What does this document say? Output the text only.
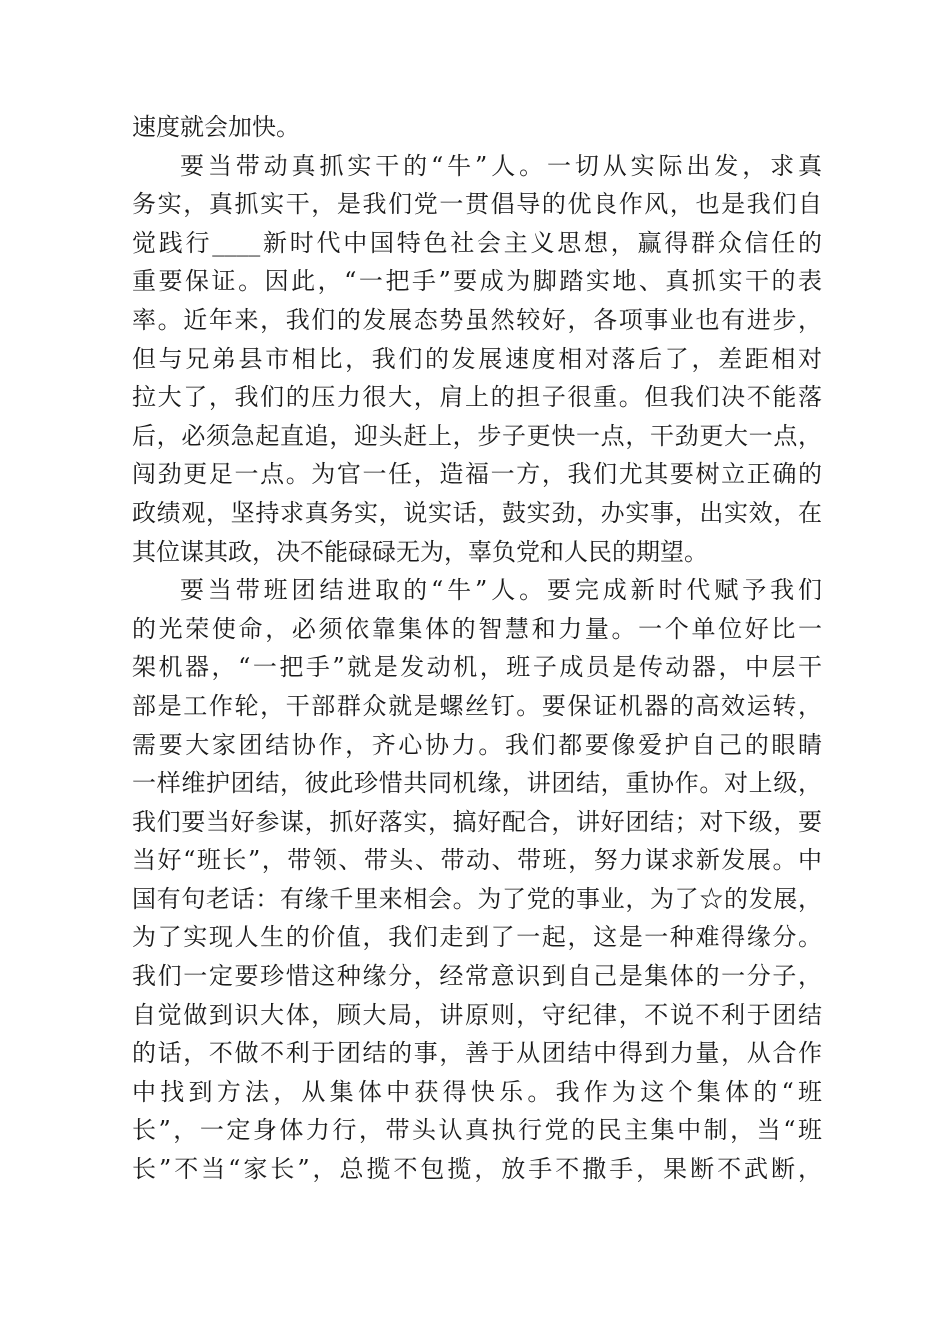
速度就会加快。
要当带动真抓实干的“牛”人。一切从实际出发，求真
务实，真抓实干，是我们党一贯倡导的优良作风，也是我们自
觉践行____新时代中国特色社会主义思想，赢得群众信任的
重要保证。因此，“一把手”要成为脚踏实地、真抓实干的表
率。近年来，我们的发展态势虽然较好，各项事业也有进步，
但与兄弟县市相比，我们的发展速度相对落后了，差距相对
拉大了，我们的压力很大，肩上的担子很重。但我们决不能落
后，必须急起直追，迎头赶上，步子更快一点，干劲更大一点，
闯劲更足一点。为官一任，造福一方，我们尤其要树立正确的
政绩观，坚持求真务实，说实话，鼓实劲，办实事，出实效，在
其位谋其政，决不能碌碌无为，辜负党和人民的期望。
要当带班团结进取的“牛”人。要完成新时代赋予我们
的光荣使命，必须依靠集体的智慧和力量。一个单位好比一
架机器，“一把手”就是发动机，班子成员是传动器，中层干
部是工作轮，干部群众就是螺丝钉。要保证机器的高效运转，
需要大家团结协作，齐心协力。我们都要像爱护自己的眼睛
一样维护团结，彼此珍惜共同机缘，讲团结，重协作。对上级，
我们要当好参谋，抓好落实，搞好配合，讲好团结；对下级，要
当好“班长”，带领、带头、带动、带班，努力谋求新发展。中
国有句老话：有缘千里来相会。为了党的事业，为了☆的发展，
为了实现人生的价值，我们走到了一起，这是一种难得缘分。
我们一定要珍惜这种缘分，经常意识到自己是集体的一分子，
自觉做到识大体，顾大局，讲原则，守纪律，不说不利于团结
的话，不做不利于团结的事，善于从团结中得到力量，从合作
中找到方法，从集体中获得快乐。我作为这个集体的“班
长”，一定身体力行，带头认真执行党的民主集中制，当“班
长”不当“家长”，总揽不包揽，放手不撒手，果断不武断，
